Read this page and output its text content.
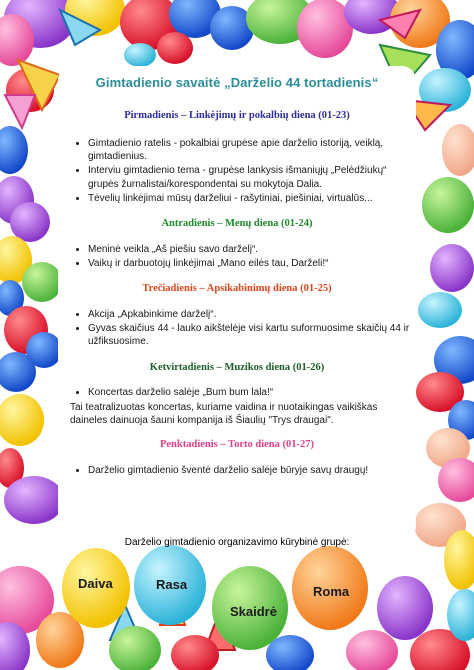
Gimtadienio savaitė „Darželio 44 tortadienis“

Pirmadienis – Linkėjimų ir pokalbių diena (01-23)

• Gimtadienio ratelis - pokalbiai grupėse apie darželio istoriją, veiklą, gimtadienius.
• Interviu gimtadienio tema - grupėse lankysis išmaniųjų „Pelėdžiukų“ grupės žurnalistai/korespondentai su mokytoja Dalia.
• Tėvelių linkėjimai mūsų darželiui - rašytiniai, piešiniai, virtualūs...

Antradienis – Menų diena (01-24)

• Meninė veikla „Aš piešiu savo darželį“.
• Vaikų ir darbuotojų linkėjimai „Mano eilės tau, Darželi!“

Trečiadienis – Apsikabinimų diena (01-25)

• Akcija „Apkabinkime darželį“.
• Gyvas skaičius 44 - lauko aikštelėje visi kartu suformuosime skaičių 44 ir užfiksuosime.

Ketvirtadienis – Muzikos diena (01-26)

• Koncertas darželio salėje „Bum bum lala!“

Tai teatralizuotas koncertas, kuriame vaidina ir nuotaikingas vaikiškas daineles dainuoja šauni kompanija iš Šiaulių "Trys draugai".

Penktadienis – Torto diena (01-27)

• Darželio gimtadienio šventė darželio salėje būryje savų draugų!
Darželio gimtadienio organizavimo kūrybinė grupė:
Daiva	Rasa
Skaidrė
Roma
